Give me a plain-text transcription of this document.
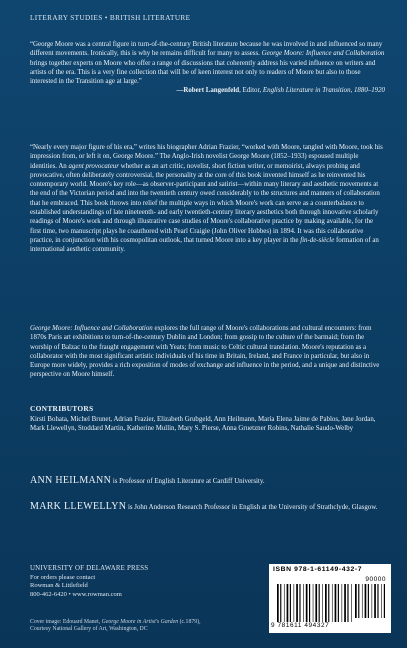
LITERARY STUDIES • BRITISH LITERATURE

“George Moore was a central figure in turn-of-the-century British literature because he was involved in and influenced so many different movements. Ironically, this is why he remains difficult for many to assess. George Moore: Influence and Collaboration brings together experts on Moore who offer a range of discussions that coherently address his varied influence on writers and artists of the era. This is a very fine collection that will be of keen interest not only to readers of Moore but also to those interested in the Transition age at large.”

—Robert Langenfeld, Editor, English Literature in Transition, 1880–1920

“Nearly every major figure of his era,” writes his biographer Adrian Frazier, “worked with Moore, tangled with Moore, took his impression from, or left it on, George Moore.” The Anglo-Irish novelist George Moore (1852–1933) espoused multiple identities. An agent provocateur whether as an art critic, novelist, short fiction writer, or memoirist, always probing and provocative, often deliberately controversial, the personality at the core of this book invented himself as he reinvented his contemporary world. Moore's key role—as observer-participant and satirist—within many literary and aesthetic movements at the end of the Victorian period and into the twentieth century owed considerably to the structures and manners of collaboration that he embraced. This book throws into relief the multiple ways in which Moore's work can serve as a counterbalance to established understandings of late nineteenth- and early twentieth-century literary aesthetics both through innovative scholarly readings of Moore's work and through illustrative case studies of Moore's collaborative practice by making available, for the first time, two manuscript plays he coauthored with Pearl Craigie (John Oliver Hobbes) in 1894. It was this collaborative practice, in conjunction with his cosmopolitan outlook, that turned Moore into a key player in the fin-de-siècle formation of an international aesthetic community.

George Moore: Influence and Collaboration explores the full range of Moore's collaborations and cultural encounters: from 1870s Paris art exhibitions to turn-of-the-century Dublin and London; from gossip to the culture of the barmaid; from the worship of Balzac to the fraught engagement with Yeats; from music to Celtic cultural translation. Moore's reputation as a collaborator with the most significant artistic individuals of his time in Britain, Ireland, and France in particular, but also in Europe more widely, provides a rich exposition of modes of exchange and influence in the period, and a unique and distinctive perspective on Moore himself.

CONTRIBUTORS

Kirsti Bohata, Michel Brunet, Adrian Frazier, Elizabeth Grubgeld, Ann Heilmann, María Elena Jaime de Pablos, Jane Jordan, Mark Llewellyn, Stoddard Martin, Katherine Mullin, Mary S. Pierse, Anna Gruetzner Robins, Nathalie Saudo-Welby

ANN HEILMANN is Professor of English Literature at Cardiff University.
MARK LLEWELLYN is John Anderson Research Professor in English at the University of Strathclyde, Glasgow.
UNIVERSITY OF DELAWARE PRESS
For orders please contact
Rowman & Littlefield
800-462-6420 • www.rowman.com
Cover image: Edouard Manet, George Moore in Artist's Garden (c.1879),
Courtesy National Gallery of Art, Washington, DC
ISBN 978-1-61149-432-7
90000
9 781611 494327
